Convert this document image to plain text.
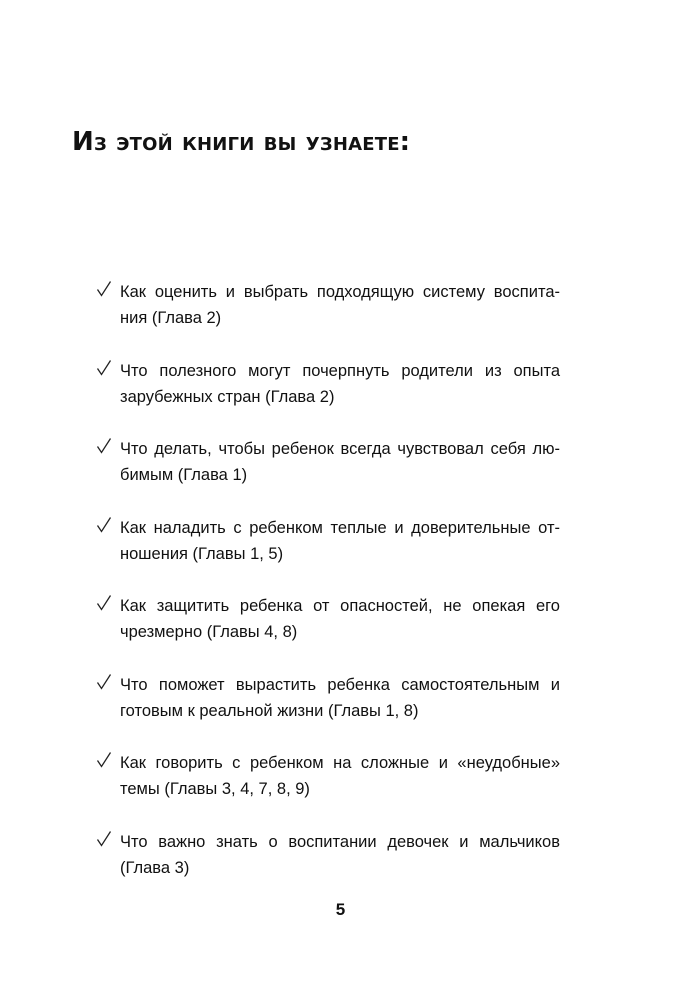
Из этой книги вы узнаете:
Как оценить и выбрать подходящую систему воспита-
ния (Глава 2)
Что полезного могут почерпнуть родители из опыта
зарубежных стран (Глава 2)
Что делать, чтобы ребенок всегда чувствовал себя лю-
бимым (Глава 1)
Как наладить с ребенком теплые и доверительные от-
ношения (Главы 1, 5)
Как защитить ребенка от опасностей, не опекая его
чрезмерно (Главы 4, 8)
Что поможет вырастить ребенка самостоятельным и
готовым к реальной жизни (Главы 1, 8)
Как говорить с ребенком на сложные и «неудобные»
темы (Главы 3, 4, 7, 8, 9)
Что важно знать о воспитании девочек и мальчиков
(Глава 3)
5
